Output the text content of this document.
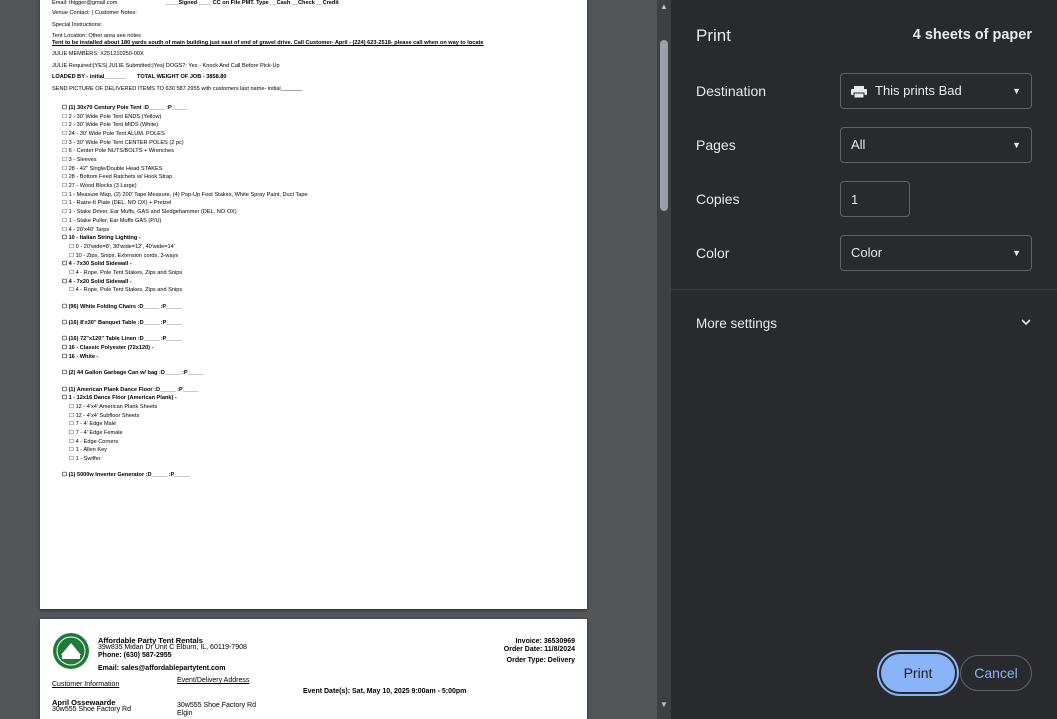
Email: thigger@gmail.com	____Signed ____ CC on File PMT. Type __Cash __Check __Credit
Venue Contact: | Customer Notes:
Special Instructions:
Tent Location: Other area see notes
Tent to be installed about 180 yards south of main building just east of end of gravel drive. Call Customer- April - (224) 623-2518- please call when on way to locate
JULIE MEMBERS: X251210250-00X
JULIE Required:|YES| JULIE Submitted:|Yes| DOGS?: Yes - Knock And Call Before Pick-Up
LOADED BY - initial_______ TOTAL WEIGHT OF JOB - 3858.80
SEND PICTURE OF DELIVERED ITEMS TO 630 587 2955 with customers last name- initial_______
☐ (1) 30x70 Century Pole Tent :D_____ :P_____
☐ 2 - 30' Wide Pole Tent ENDS (Yellow)
☐ 2 - 30' Wide Pole Tent MIDS (White)
☐ 24 - 30' Wide Pole Tent ALUM. POLES
☐ 3 - 30' Wide Pole Tent CENTER POLES (2 pc)
☐ 6 - Center Pole NUTS/BOLTS + Wrenches
☐ 3 - Sleeves
☐ 28 - 42" Single/Double Head STAKES
☐ 28 - Bottom Feed Ratchets w/ Hook Strap
☐ 27 - Wood Blocks (3 Large)
☐ 1 - Measure Map, (2) 200' Tape Measure, (4) Pop-Up Foot Stakes, White Spray Paint, Duct Tape
☐ 1 - Raize-It Plate (DEL. NO OX) + Pretzel
☐ 1 - Stake Driver, Ear Muffs, GAS and Sledgehammer (DEL. NO OX)
☐ 1 - Stake Puller, Ear Muffs GAS (P/U)
☐ 4 - 20'x40' Tarps
☐ 10 - Italian String Lighting -
☐ 0 - 20'wide=8', 30'wide=12', 40'wide=14'
☐ 10 - Zips, Snips, Extension cords, 3-ways
☐ 4 - 7x30 Solid Sidewall -
☐ 4 - Rope, Pole Tent Stakes, Zips and Snips
☐ 4 - 7x20 Solid Sidewall -
☐ 4 - Rope, Pole Tent Stakes, Zips and Snips
☐ (96) White Folding Chairs :D_____ :P_____
☐ (16) 8'x30" Banquet Table :D_____ :P_____
☐ (16) 72"x120" Table Linen :D_____ :P_____
☐ 16 - Classic Polyester (72x120) -
☐ 16 - White -
☐ (2) 44 Gallon Garbage Can w/ bag :D_____ :P_____
☐ (1) American Plank Dance Floor :D_____ :P_____
☐ 1 - 12x16 Dance Floor (American Plank) -
☐ 12 - 4'x4' American Plank Sheets
☐ 12 - 4'x4' Subfloor Sheets
☐ 7 - 4' Edge Male
☐ 7 - 4' Edge Female
☐ 4 - Edge Corners
☐ 1 - Allen Key
☐ 1 - Swiffer
☐ (1) 5000w Inverter Generator :D_____ :P_____
Affordable Party Tent Rentals
39w835 Midan Dr Unit C Elburn, IL, 60119-7908
Phone: (630) 587-2955
Email: sales@affordablepartytent.com
Invoice: 36530969
Order Date: 11/8/2024
Order Type: Delivery
Customer Information
Event/Delivery Address
Event Date(s): Sat, May 10, 2025 9:00am - 5:00pm
April Ossewaarde
30w555 Shoe Factory Rd
30w555 Shoe Factory Rd
Elgin
▲
▼
Print	4 sheets of paper
Destination	This prints Bad	▼
Pages	All	▼
Copies
1
Color	Color	▼
More settings
Print	Cancel
